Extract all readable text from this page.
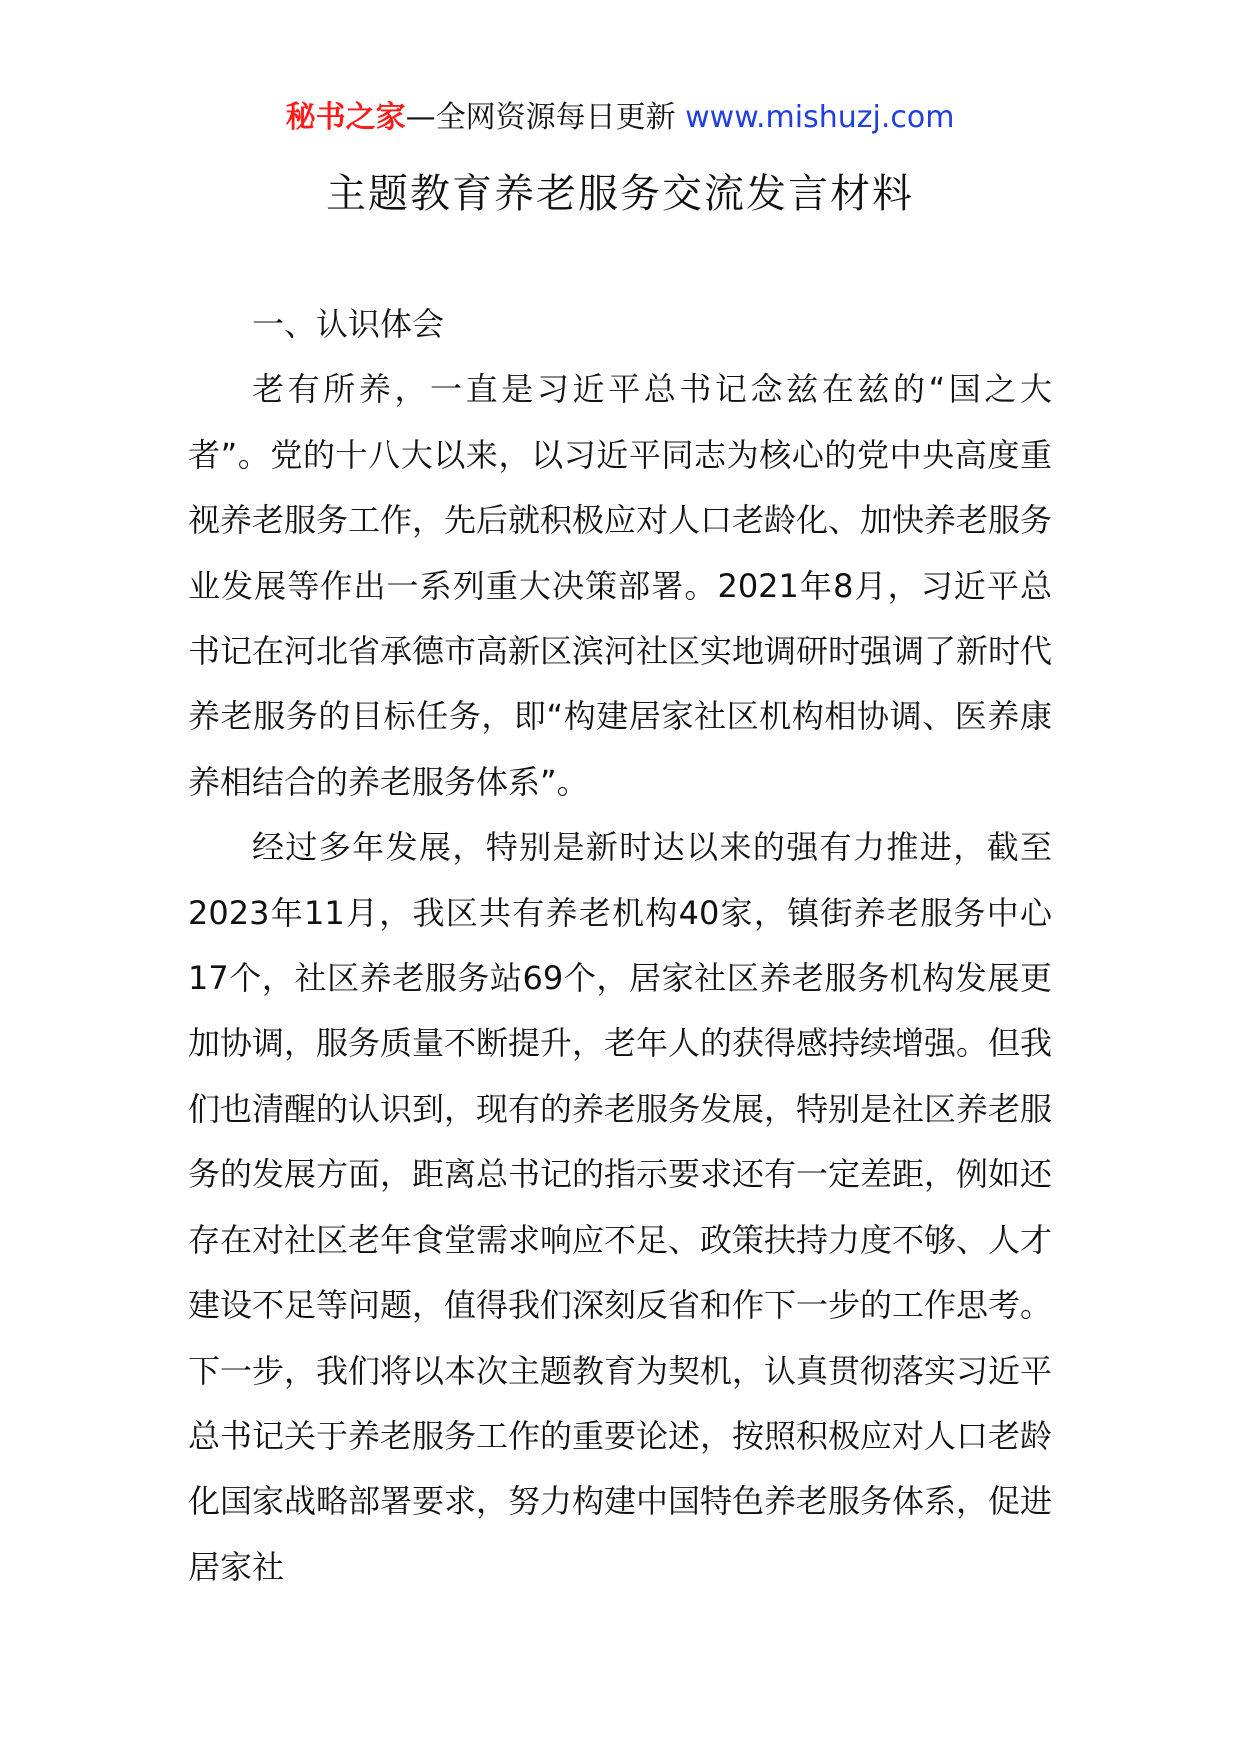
秘书之家—全网资源每日更新 www.mishuzj.com
主题教育养老服务交流发言材料
一、认识体会

老有所养，一直是习近平总书记念兹在兹的“国之大者”。党的十八大以来，以习近平同志为核心的党中央高度重视养老服务工作，先后就积极应对人口老龄化、加快养老服务业发展等作出一系列重大决策部署。2021年8月，习近平总书记在河北省承德市高新区滨河社区实地调研时强调了新时代养老服务的目标任务，即“构建居家社区机构相协调、医养康养相结合的养老服务体系”。

经过多年发展，特别是新时达以来的强有力推进，截至2023年11月，我区共有养老机构40家，镇街养老服务中心17个，社区养老服务站69个，居家社区养老服务机构发展更加协调，服务质量不断提升，老年人的获得感持续增强。但我们也清醒的认识到，现有的养老服务发展，特别是社区养老服务的发展方面，距离总书记的指示要求还有一定差距，例如还存在对社区老年食堂需求响应不足、政策扶持力度不够、人才建设不足等问题，值得我们深刻反省和作下一步的工作思考。下一步，我们将以本次主题教育为契机，认真贯彻落实习近平总书记关于养老服务工作的重要论述，按照积极应对人口老龄化国家战略部署要求，努力构建中国特色养老服务体系，促进居家社
